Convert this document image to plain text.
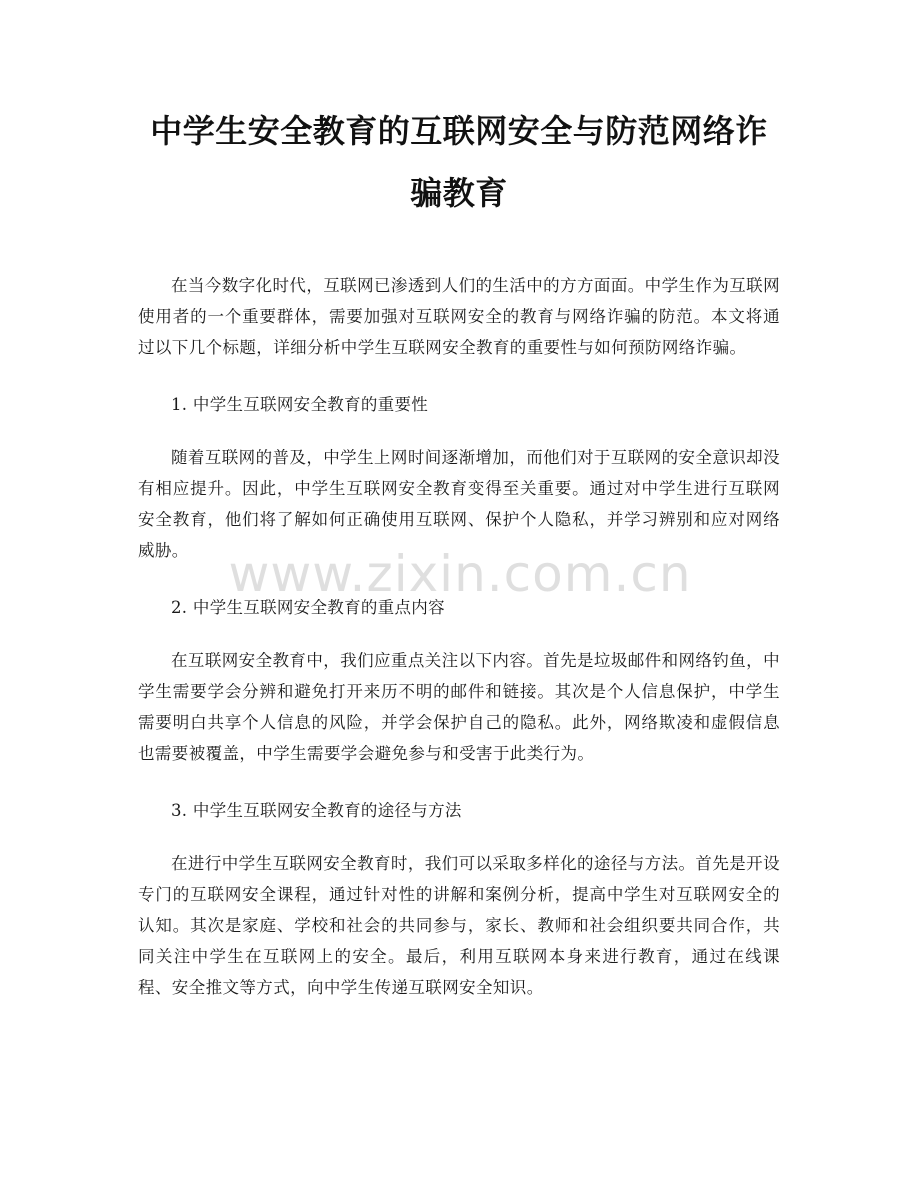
中学生安全教育的互联网安全与防范网络诈骗教育

在当今数字化时代，互联网已渗透到人们的生活中的方方面面。中学生作为互联网使用者的一个重要群体，需要加强对互联网安全的教育与网络诈骗的防范。本文将通过以下几个标题，详细分析中学生互联网安全教育的重要性与如何预防网络诈骗。

1. 中学生互联网安全教育的重要性

随着互联网的普及，中学生上网时间逐渐增加，而他们对于互联网的安全意识却没有相应提升。因此，中学生互联网安全教育变得至关重要。通过对中学生进行互联网安全教育，他们将了解如何正确使用互联网、保护个人隐私，并学习辨别和应对网络威胁。

2. 中学生互联网安全教育的重点内容

在互联网安全教育中，我们应重点关注以下内容。首先是垃圾邮件和网络钓鱼，中学生需要学会分辨和避免打开来历不明的邮件和链接。其次是个人信息保护，中学生需要明白共享个人信息的风险，并学会保护自己的隐私。此外，网络欺凌和虚假信息也需要被覆盖，中学生需要学会避免参与和受害于此类行为。

3. 中学生互联网安全教育的途径与方法

在进行中学生互联网安全教育时，我们可以采取多样化的途径与方法。首先是开设专门的互联网安全课程，通过针对性的讲解和案例分析，提高中学生对互联网安全的认知。其次是家庭、学校和社会的共同参与，家长、教师和社会组织要共同合作，共同关注中学生在互联网上的安全。最后，利用互联网本身来进行教育，通过在线课程、安全推文等方式，向中学生传递互联网安全知识。

www.zixin.com.cn
